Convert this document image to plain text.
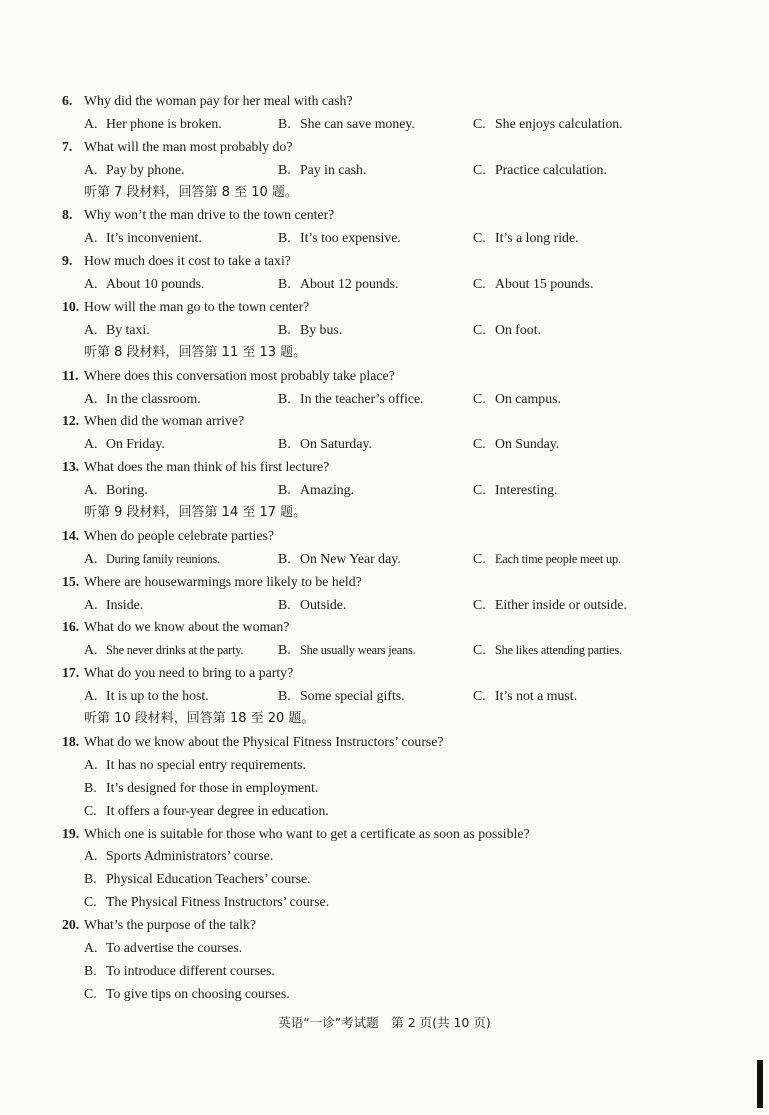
6. Why did the woman pay for her meal with cash?
A. Her phone is broken.	B. She can save money.	C. She enjoys calculation.
7. What will the man most probably do?
A. Pay by phone.	B. Pay in cash.	C. Practice calculation.
听第 7 段材料，回答第 8 至 10 题。
8. Why won’t the man drive to the town center?
A. It’s inconvenient.	B. It’s too expensive.	C. It’s a long ride.
9. How much does it cost to take a taxi?
A. About 10 pounds.	B. About 12 pounds.	C. About 15 pounds.
10. How will the man go to the town center?
A. By taxi.	B. By bus.	C. On foot.
听第 8 段材料，回答第 11 至 13 题。
11. Where does this conversation most probably take place?
A. In the classroom.	B. In the teacher’s office.	C. On campus.
12. When did the woman arrive?
A. On Friday.	B. On Saturday.	C. On Sunday.
13. What does the man think of his first lecture?
A. Boring.	B. Amazing.	C. Interesting.
听第 9 段材料，回答第 14 至 17 题。
14. When do people celebrate parties?
A. During family reunions.	B. On New Year day.	C. Each time people meet up.
15. Where are housewarmings more likely to be held?
A. Inside.	B. Outside.	C. Either inside or outside.
16. What do we know about the woman?
A. She never drinks at the party.	B. She usually wears jeans.	C. She likes attending parties.
17. What do you need to bring to a party?
A. It is up to the host.	B. Some special gifts.	C. It’s not a must.
听第 10 段材料，回答第 18 至 20 题。
18. What do we know about the Physical Fitness Instructors’ course?
A. It has no special entry requirements.
B. It’s designed for those in employment.
C. It offers a four-year degree in education.
19. Which one is suitable for those who want to get a certificate as soon as possible?
A. Sports Administrators’ course.
B. Physical Education Teachers’ course.
C. The Physical Fitness Instructors’ course.
20. What’s the purpose of the talk?
A. To advertise the courses.
B. To introduce different courses.
C. To give tips on choosing courses.
英语“一诊”考试题　第 2 页(共 10 页)
